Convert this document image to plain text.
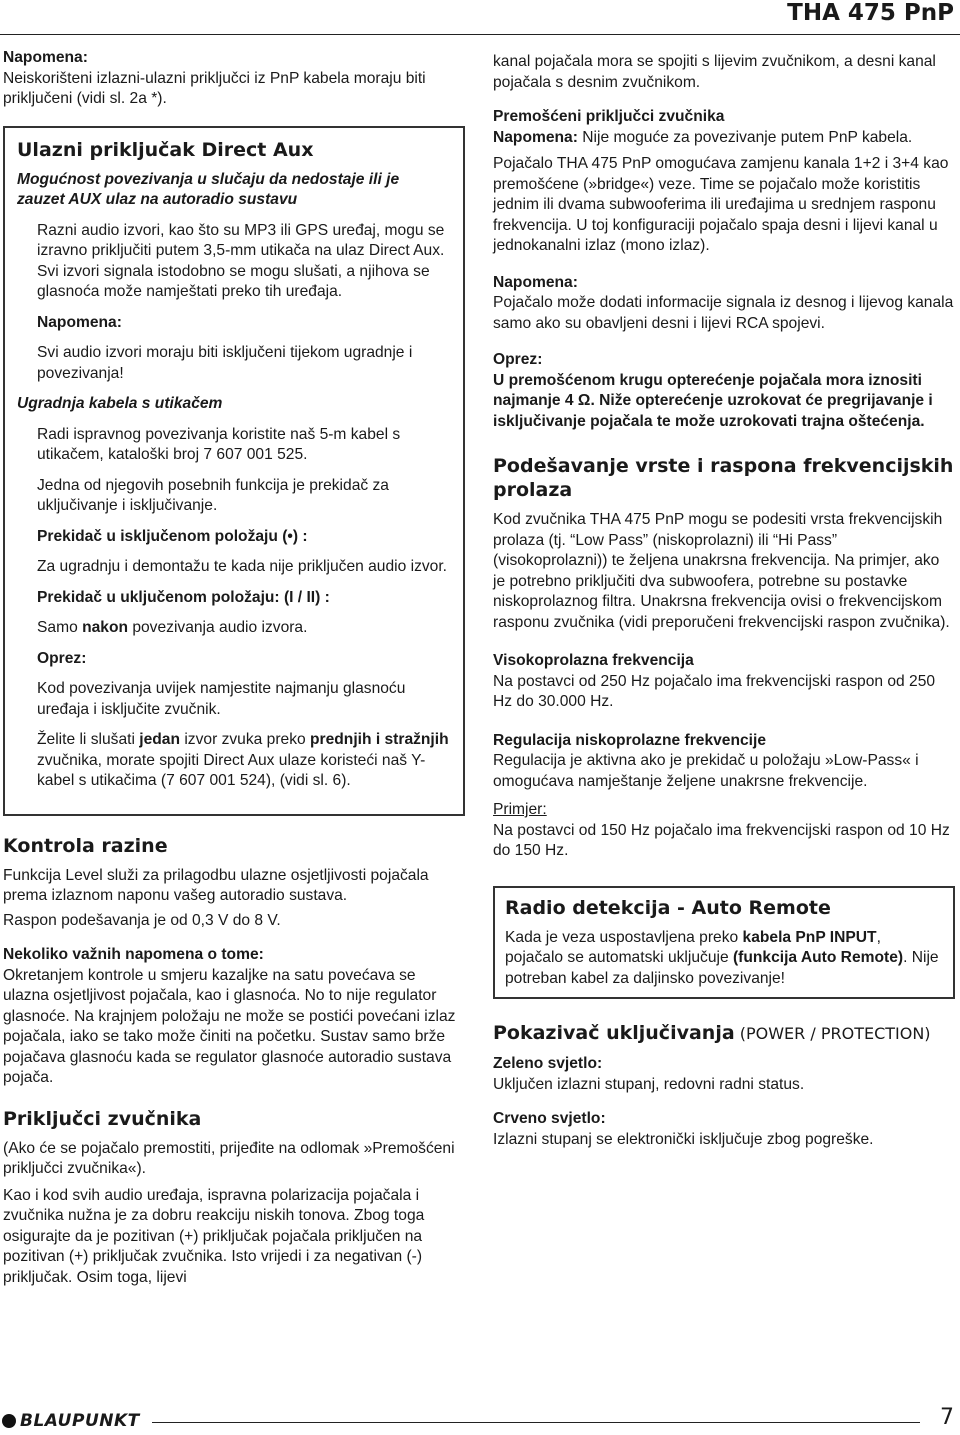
THA 475 PnP

Napomena:

Neiskorišteni izlazni-ulazni priključci iz PnP kabela moraju biti priključeni (vidi sl. 2a *).

Ulazni priključak Direct Aux

Mogućnost povezivanja u slučaju da nedostaje ili je zauzet AUX ulaz na autoradio sustavu

Razni audio izvori, kao što su MP3 ili GPS uređaj, mogu se izravno priključiti putem 3,5-mm utikača na ulaz Direct Aux. Svi izvori signala istodobno se mogu slušati, a njihova se glasnoća može namještati preko tih uređaja.

Napomena:

Svi audio izvori moraju biti isključeni tijekom ugradnje i povezivanja!

Ugradnja kabela s utikačem

Radi ispravnog povezivanja koristite naš 5-m kabel s utikačem, kataloški broj 7 607 001 525.

Jedna od njegovih posebnih funkcija je prekidač za uključivanje i isključivanje.

Prekidač u isključenom položaju (•) :

Za ugradnju i demontažu te kada nije priključen audio izvor.

Prekidač u uključenom položaju: (I / II) :

Samo nakon povezivanja audio izvora.

Oprez:

Kod povezivanja uvijek namjestite najmanju glasnoću uređaja i isključite zvučnik.

Želite li slušati jedan izvor zvuka preko prednjih i stražnjih zvučnika, morate spojiti Direct Aux ulaze koristeći naš Y-kabel s utikačima (7 607 001 524), (vidi sl. 6).

Kontrola razine

Funkcija Level služi za prilagodbu ulazne osjetljivosti pojačala prema izlaznom naponu vašeg autoradio sustava.

Raspon podešavanja je od 0,3 V do 8 V.

Nekoliko važnih napomena o tome:

Okretanjem kontrole u smjeru kazaljke na satu povećava se ulazna osjetljivost pojačala, kao i glasnoća. No to nije regulator glasnoće. Na krajnjem položaju ne može se postići povećani izlaz pojačala, iako se tako može činiti na početku. Sustav samo brže pojačava glasnoću kada se regulator glasnoće autoradio sustava pojača.

Priključci zvučnika

(Ako će se pojačalo premostiti, prijeđite na odlomak »Premošćeni priključci zvučnika«).

Kao i kod svih audio uređaja, ispravna polarizacija pojačala i zvučnika nužna je za dobru reakciju niskih tonova. Zbog toga osigurajte da je pozitivan (+) priključak pojačala priključen na pozitivan (+) priključak zvučnika. Isto vrijedi i za negativan (-) priključak. Osim toga, lijevi

kanal pojačala mora se spojiti s lijevim zvučnikom, a desni kanal pojačala s desnim zvučnikom.

Premošćeni priključci zvučnika

Napomena: Nije moguće za povezivanje putem PnP kabela.

Pojačalo THA 475 PnP omogućava zamjenu kanala 1+2 i 3+4 kao premošćene (»bridge«) veze. Time se pojačalo može koristitis jednim ili dvama subwooferima ili uređajima u srednjem rasponu frekvencija. U toj konfiguraciji pojačalo spaja desni i lijevi kanal u jednokanalni izlaz (mono izlaz).

Napomena:

Pojačalo može dodati informacije signala iz desnog i lijevog kanala samo ako su obavljeni desni i lijevi RCA spojevi.

Oprez:

U premošćenom krugu opterećenje pojačala mora iznositi najmanje 4 Ω. Niže opterećenje uzrokovat će pregrijavanje i isključivanje pojačala te može uzrokovati trajna oštećenja.

Podešavanje vrste i raspona frekvencijskih prolaza

Kod zvučnika THA 475 PnP mogu se podesiti vrsta frekvencijskih prolaza (tj. “Low Pass” (niskoprolazni) ili “Hi Pass” (visokoprolazni)) te željena unakrsna frekvencija. Na primjer, ako je potrebno priključiti dva subwoofera, potrebne su postavke niskoprolaznog filtra. Unakrsna frekvencija ovisi o frekvencijskom rasponu zvučnika (vidi preporučeni frekvencijski raspon zvučnika).

Visokoprolazna frekvencija

Na postavci od 250 Hz pojačalo ima frekvencijski raspon od 250 Hz do 30.000 Hz.

Regulacija niskoprolazne frekvencije

Regulacija je aktivna ako je prekidač u položaju »Low-Pass« i omogućava namještanje željene unakrsne frekvencije.

Primjer:

Na postavci od 150 Hz pojačalo ima frekvencijski raspon od 10 Hz do 150 Hz.

Radio detekcija - Auto Remote

Kada je veza uspostavljena preko kabela PnP INPUT, pojačalo se automatski uključuje (funkcija Auto Remote). Nije potreban kabel za daljinsko povezivanje!

Pokazivač uključivanja (POWER / PROTECTION)

Zeleno svjetlo:

Uključen izlazni stupanj, redovni radni status.

Crveno svjetlo:

Izlazni stupanj se elektronički isključuje zbog pogreške.

BLAUPUNKT	7
